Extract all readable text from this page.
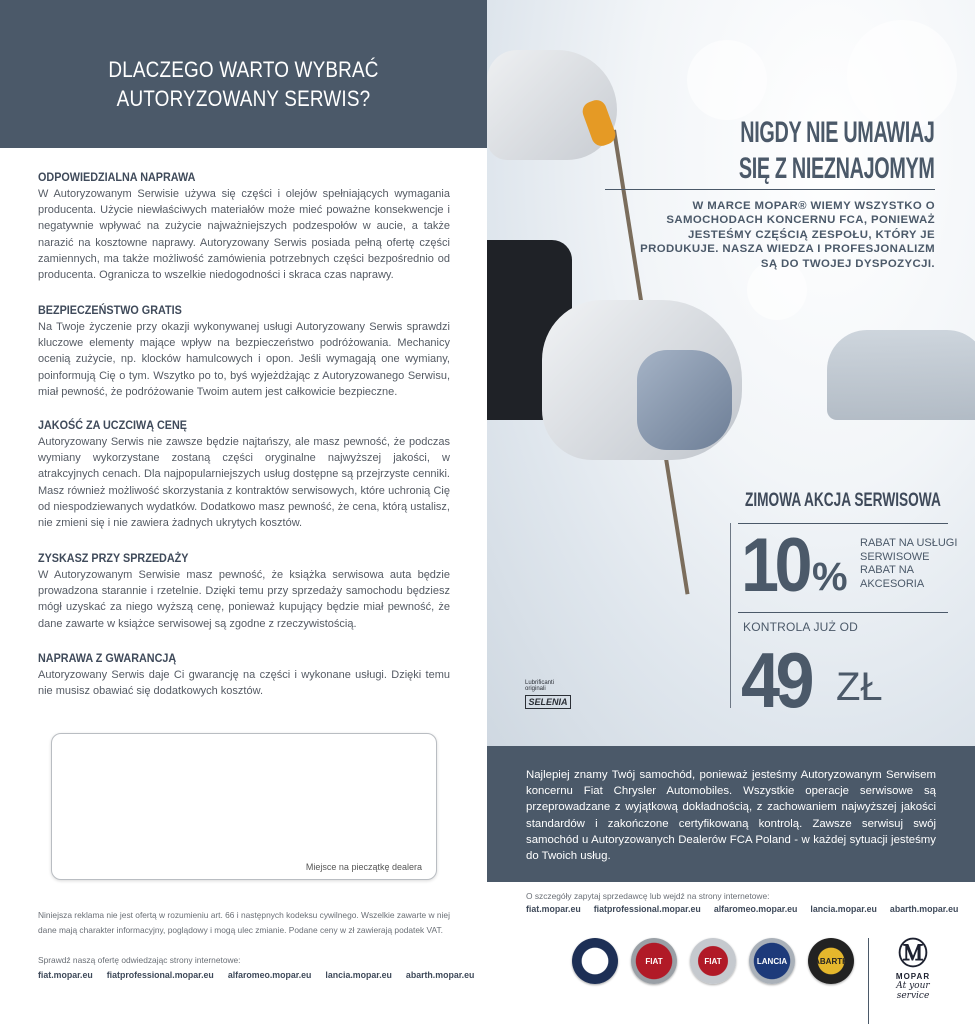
DLACZEGO WARTO WYBRAĆ
AUTORYZOWANY SERWIS?
ODPOWIEDZIALNA NAPRAWA
W Autoryzowanym Serwisie używa się części i olejów spełniających wymagania producenta. Użycie niewłaściwych materiałów może mieć poważne konsekwencje i negatywnie wpływać na zużycie najważniejszych podzespołów w aucie, a także narazić na kosztowne naprawy. Autoryzowany Serwis posiada pełną ofertę części zamiennych, ma także możliwość zamówienia potrzebnych części bezpośrednio od producenta. Ogranicza to wszelkie niedogodności i skraca czas naprawy.
BEZPIECZEŃSTWO GRATIS
Na Twoje życzenie przy okazji wykonywanej usługi Autoryzowany Serwis sprawdzi kluczowe elementy mające wpływ na bezpieczeństwo podróżowania. Mechanicy ocenią zużycie, np. klocków hamulcowych i opon. Jeśli wymagają one wymiany, poinformują Cię o tym. Wszytko po to, byś wyjeżdżając z Autoryzowanego Serwisu, miał pewność, że podróżowanie Twoim autem jest całkowicie bezpieczne.
JAKOŚĆ ZA UCZCIWĄ CENĘ
Autoryzowany Serwis nie zawsze będzie najtańszy, ale masz pewność, że podczas wymiany wykorzystane zostaną części oryginalne najwyższej jakości, w atrakcyjnych cenach. Dla najpopularniejszych usług dostępne są przejrzyste cenniki. Masz również możliwość skorzystania z kontraktów serwisowych, które uchronią Cię od niespodziewanych wydatków. Dodatkowo masz pewność, że cena, którą ustalisz, nie zmieni się i nie zawiera żadnych ukrytych kosztów.
ZYSKASZ PRZY SPRZEDAŻY
W Autoryzowanym Serwisie masz pewność, że książka serwisowa auta będzie prowadzona starannie i rzetelnie. Dzięki temu przy sprzedaży samochodu będziesz mógł uzyskać za niego wyższą cenę, ponieważ kupujący będzie miał pewność, że dane zawarte w książce serwisowej są zgodne z rzeczywistością.
NAPRAWA Z GWARANCJĄ
Autoryzowany Serwis daje Ci gwarancję na części i wykonane usługi. Dzięki temu nie musisz obawiać się dodatkowych kosztów.
Miejsce na pieczątkę dealera
Niniejsza reklama nie jest ofertą w rozumieniu art. 66 i następnych kodeksu cywilnego. Wszelkie zawarte w niej dane mają charakter informacyjny, poglądowy i mogą ulec zmianie. Podane ceny w zł zawierają podatek VAT.
Sprawdź naszą ofertę odwiedzając strony internetowe:
fiat.mopar.eu fiatprofessional.mopar.eu alfaromeo.mopar.eu lancia.mopar.eu abarth.mopar.eu
NIGDY NIE UMAWIAJ
SIĘ Z NIEZNAJOMYM
W MARCE MOPAR® WIEMY WSZYSTKO O SAMOCHODACH KONCERNU FCA, PONIEWAŻ JESTEŚMY CZĘŚCIĄ ZESPOŁU, KTÓRY JE PRODUKUJE. NASZA WIEDZA I PROFESJONALIZM SĄ DO TWOJEJ DYSPOZYCJI.
ZIMOWA AKCJA SERWISOWA
10 %
RABAT NA USŁUGI
SERWISOWE
RABAT NA
AKCESORIA
KONTROLA JUŻ OD
49 ZŁ
Lubrificanti originali
SELENIA
Najlepiej znamy Twój samochód, ponieważ jesteśmy Autoryzowanym Serwisem koncernu Fiat Chrysler Automobiles. Wszystkie operacje serwisowe są przeprowadzane z wyjątkową dokładnością, z zachowaniem najwyższej jakości standardów i zakończone certyfikowaną kontrolą. Zawsze serwisuj swój samochód u Autoryzowanych Dealerów FCA Poland - w każdej sytuacji jesteśmy do Twoich usług.
O szczegóły zapytaj sprzedawcę lub wejdź na strony internetowe:
fiat.mopar.eu fiatprofessional.mopar.eu alfaromeo.mopar.eu lancia.mopar.eu abarth.mopar.eu
FIAT	FIAT	LANCIA	ABARTH	Ⓜ
MOPAR
At your service
